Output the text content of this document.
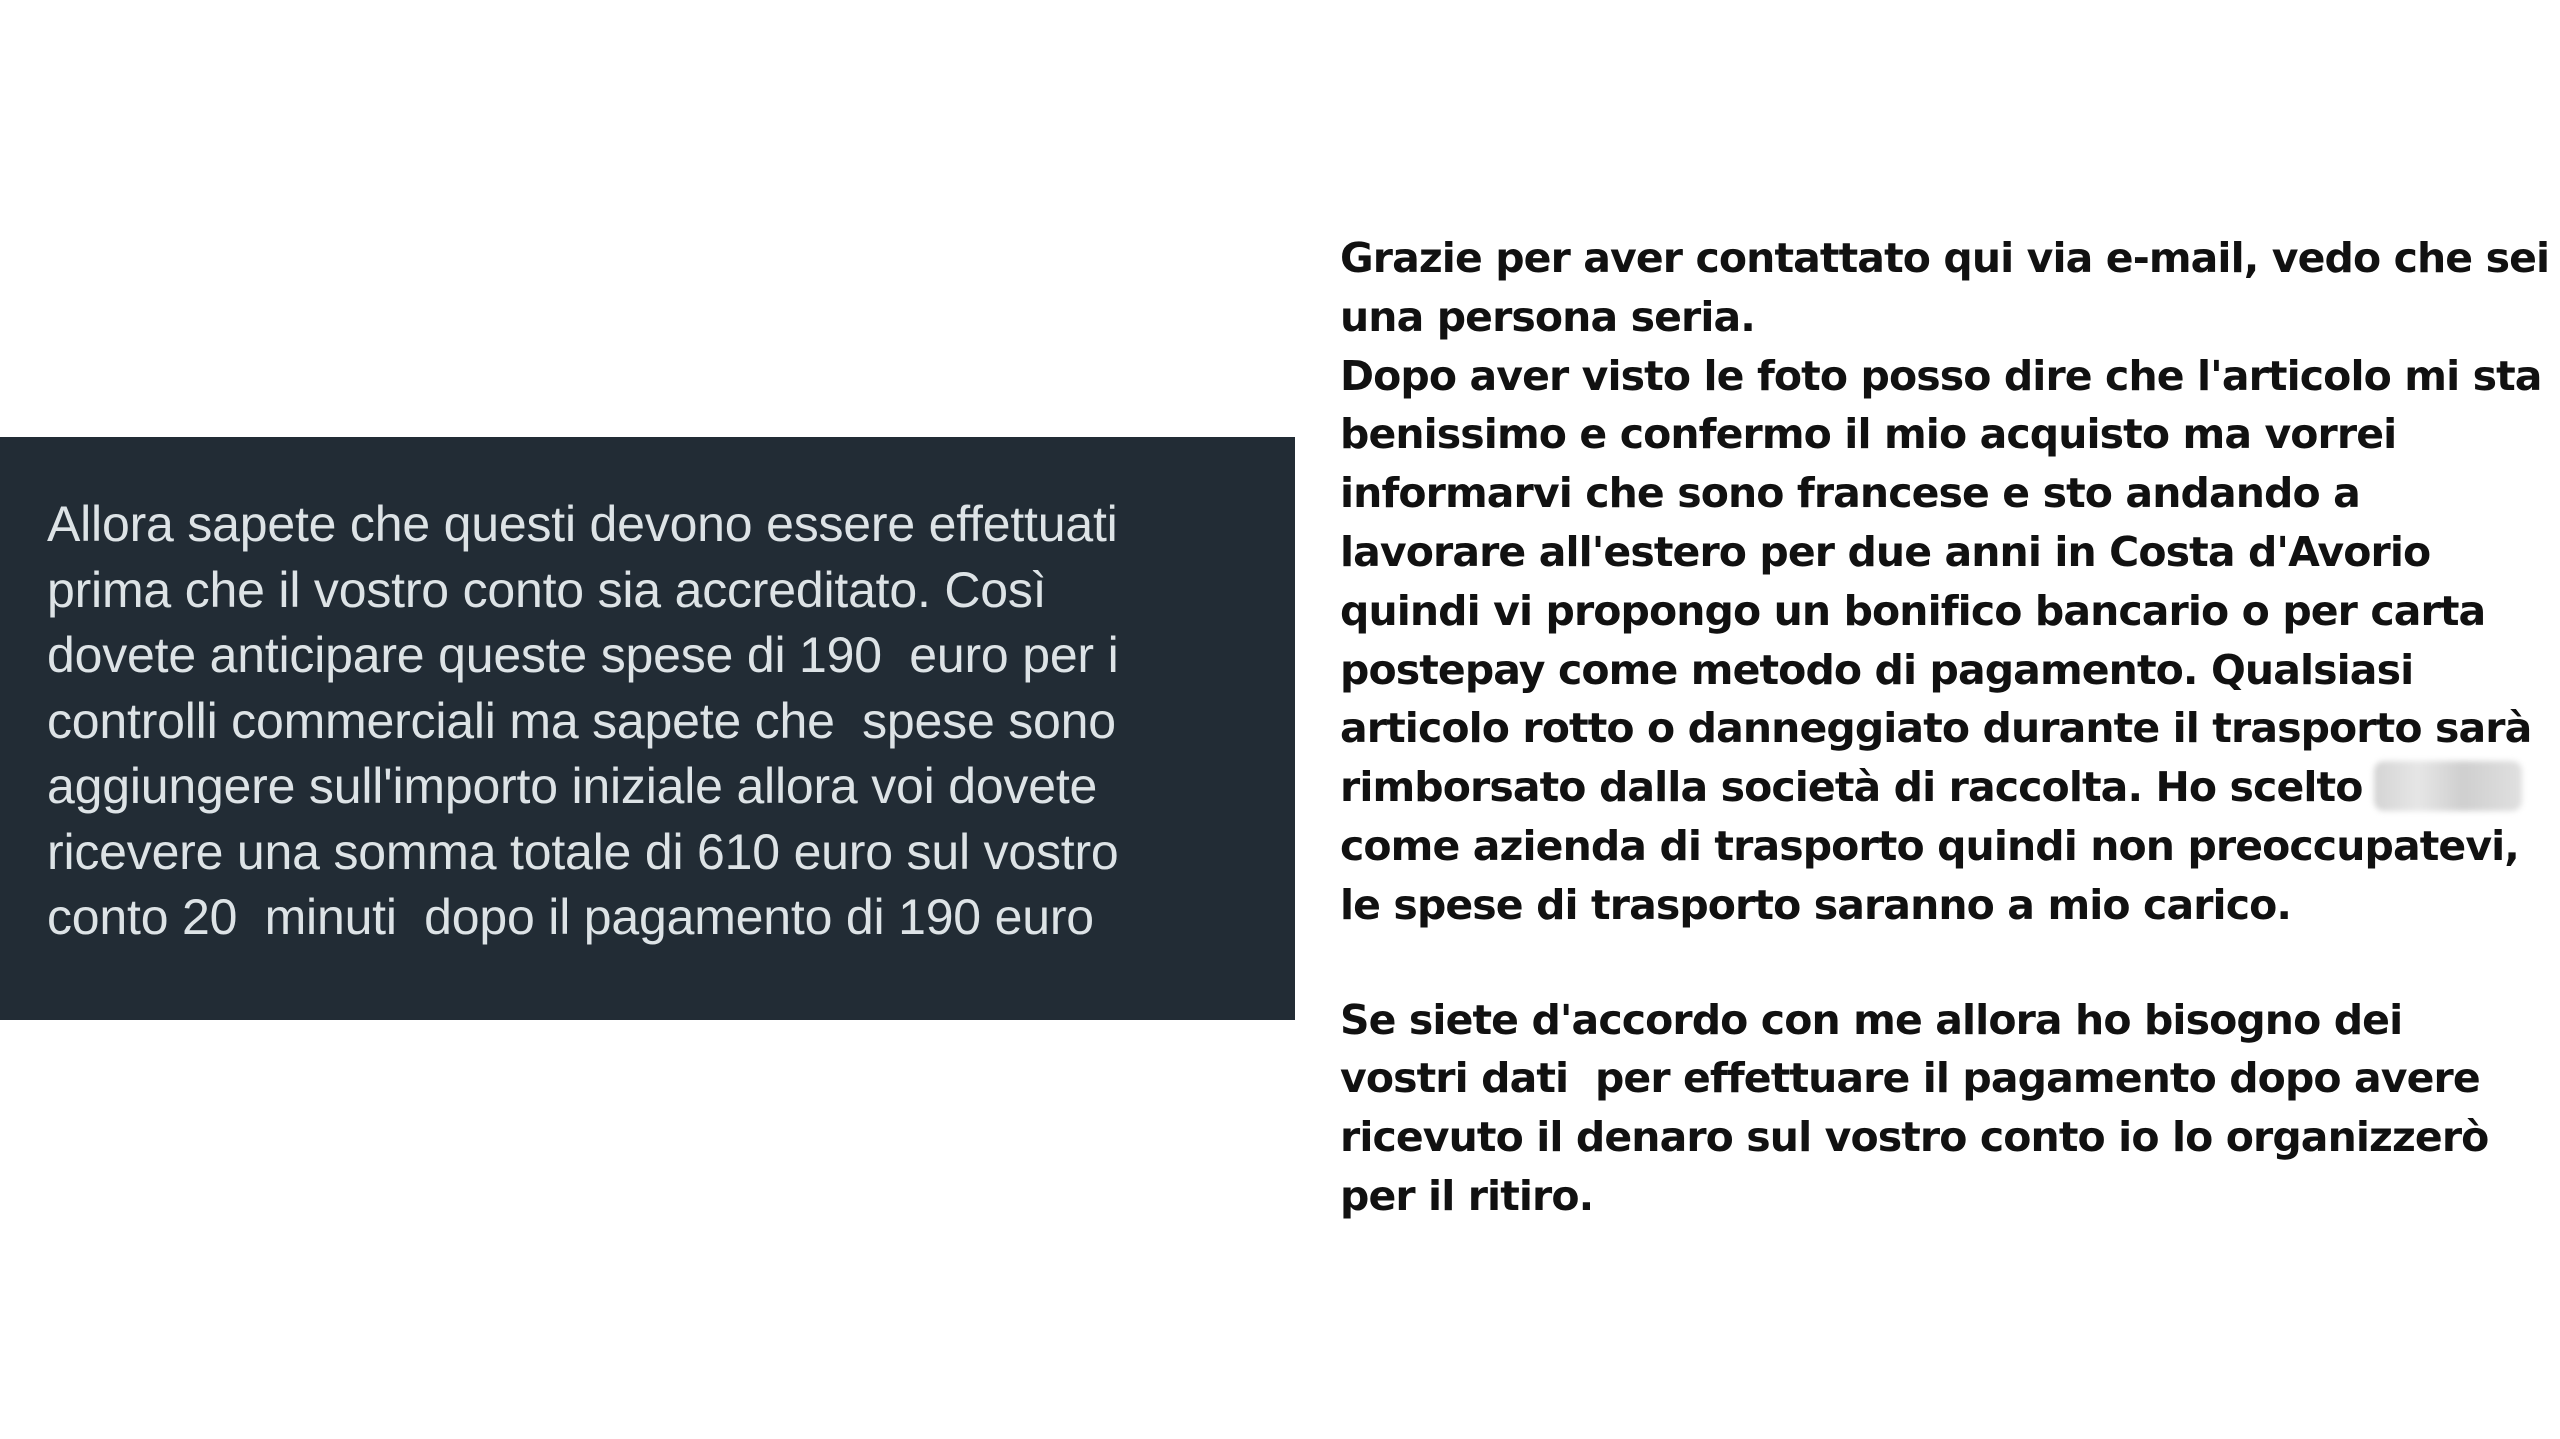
Allora sapete che questi devono essere effettuati
prima che il vostro conto sia accreditato. Così
dovete anticipare queste spese di 190  euro per i
controlli commerciali ma sapete che  spese sono
aggiungere sull'importo iniziale allora voi dovete
ricevere una somma totale di 610 euro sul vostro
conto 20  minuti  dopo il pagamento di 190 euro
Grazie per aver contattato qui via e-mail, vedo che sei
una persona seria.
Dopo aver visto le foto posso dire che l'articolo mi sta
benissimo e confermo il mio acquisto ma vorrei
informarvi che sono francese e sto andando a
lavorare all'estero per due anni in Costa d'Avorio
quindi vi propongo un bonifico bancario o per carta
postepay come metodo di pagamento. Qualsiasi
articolo rotto o danneggiato durante il trasporto sarà
rimborsato dalla società di raccolta. Ho scelto
come azienda di trasporto quindi non preoccupatevi,
le spese di trasporto saranno a mio carico.
Se siete d'accordo con me allora ho bisogno dei
vostri dati  per effettuare il pagamento dopo avere
ricevuto il denaro sul vostro conto io lo organizzerò
per il ritiro.
